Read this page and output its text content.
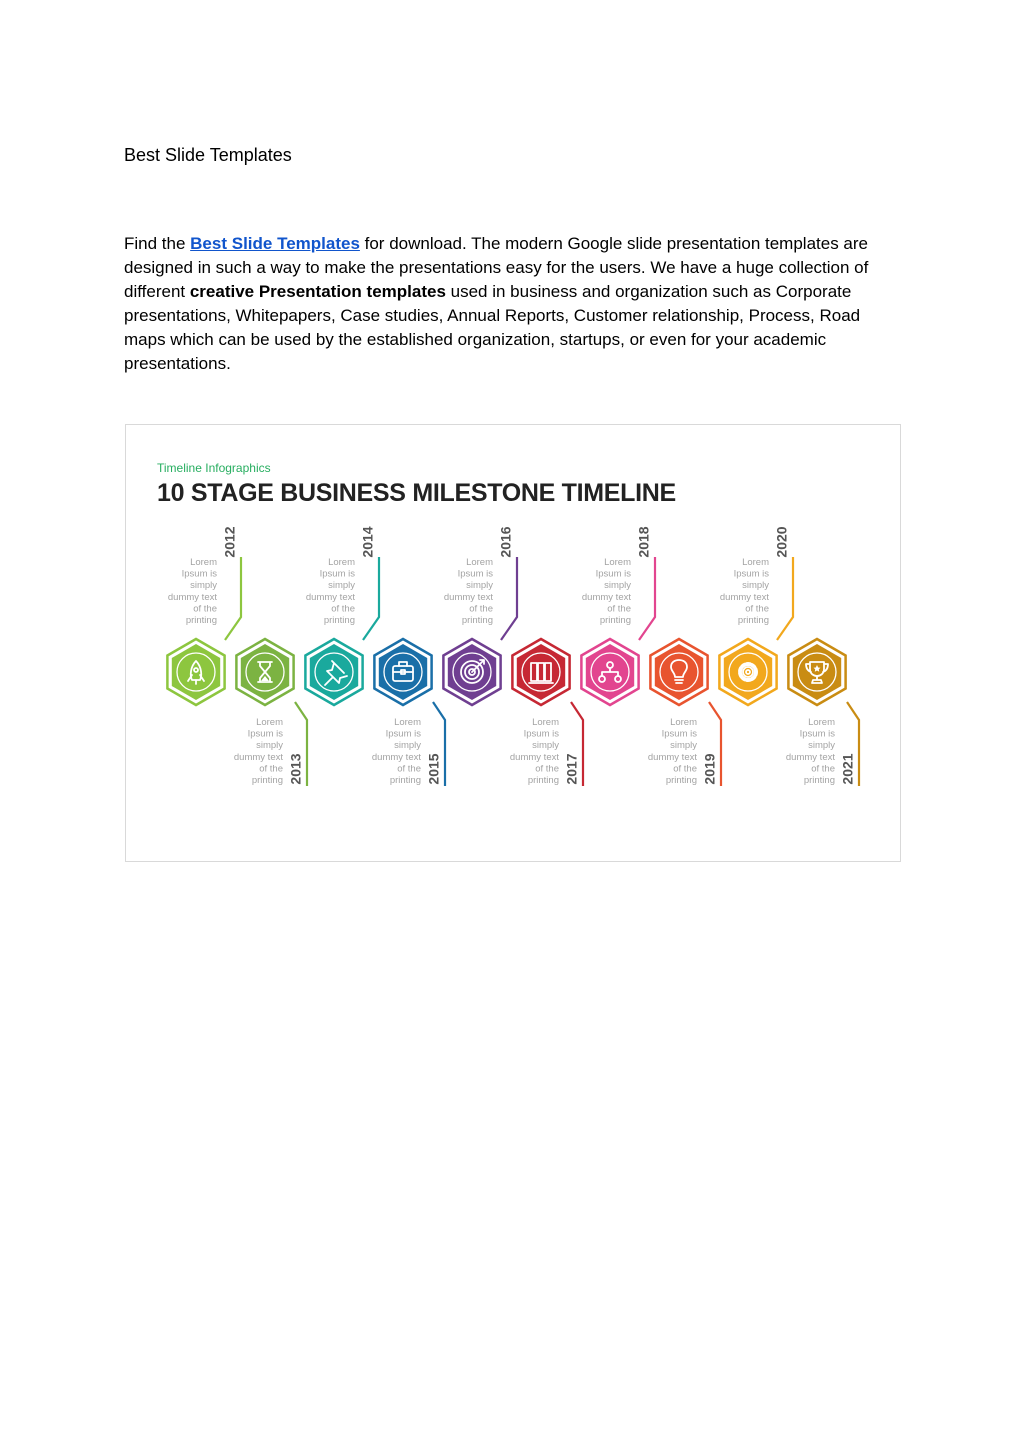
Best Slide Templates
Find the Best Slide Templates for download. The modern Google slide presentation templates are designed in such a way to make the presentations easy for the users. We have a huge collection of different creative Presentation templates used in business and organization such as Corporate presentations, Whitepapers, Case studies, Annual Reports, Customer relationship, Process, Road maps which can be used by the established organization, startups, or even for your academic presentations.
Timeline Infographics
10 STAGE BUSINESS MILESTONE TIMELINE
2012
Lorem
Ipsum is
simply
dummy text
of the
printing
2013
Lorem
Ipsum is
simply
dummy text
of the
printing
2014
Lorem
Ipsum is
simply
dummy text
of the
printing
2015
Lorem
Ipsum is
simply
dummy text
of the
printing
2016
Lorem
Ipsum is
simply
dummy text
of the
printing
2017
Lorem
Ipsum is
simply
dummy text
of the
printing
2018
Lorem
Ipsum is
simply
dummy text
of the
printing
2019
Lorem
Ipsum is
simply
dummy text
of the
printing
2020
Lorem
Ipsum is
simply
dummy text
of the
printing
2021
Lorem
Ipsum is
simply
dummy text
of the
printing
